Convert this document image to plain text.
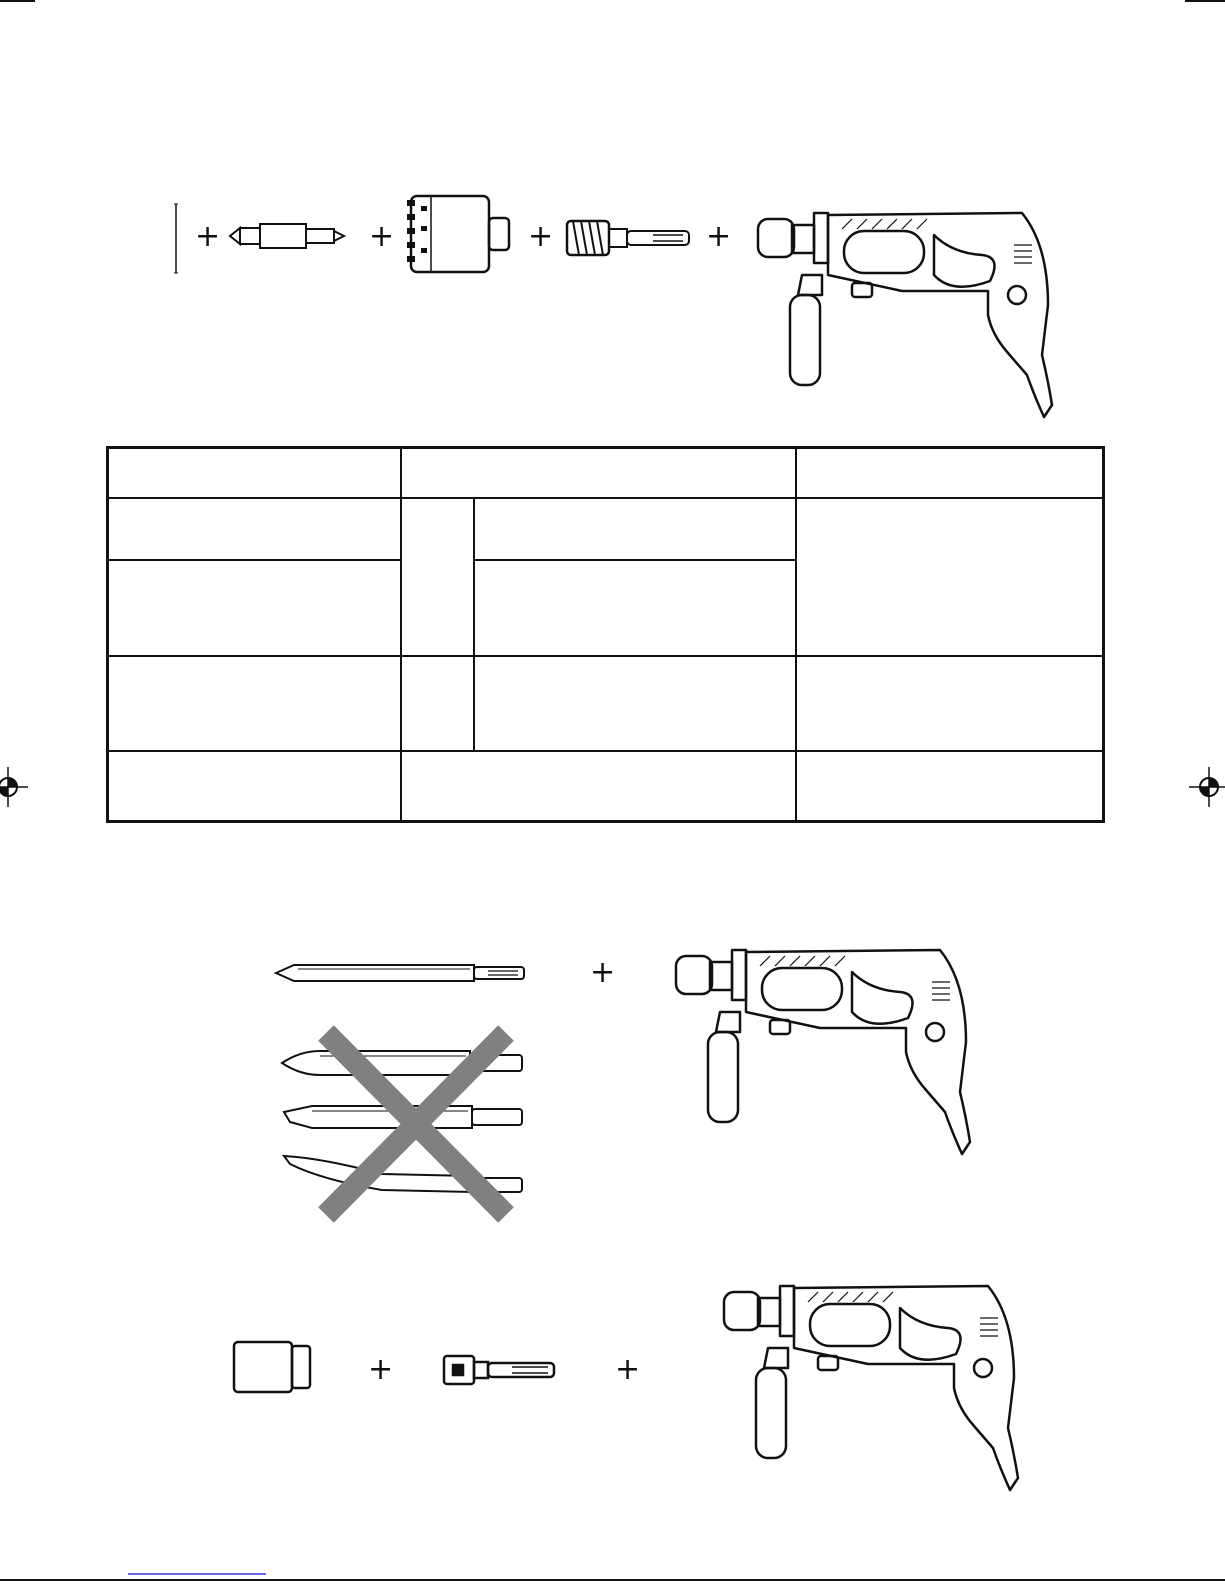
+	+	+	+
+
+	+
